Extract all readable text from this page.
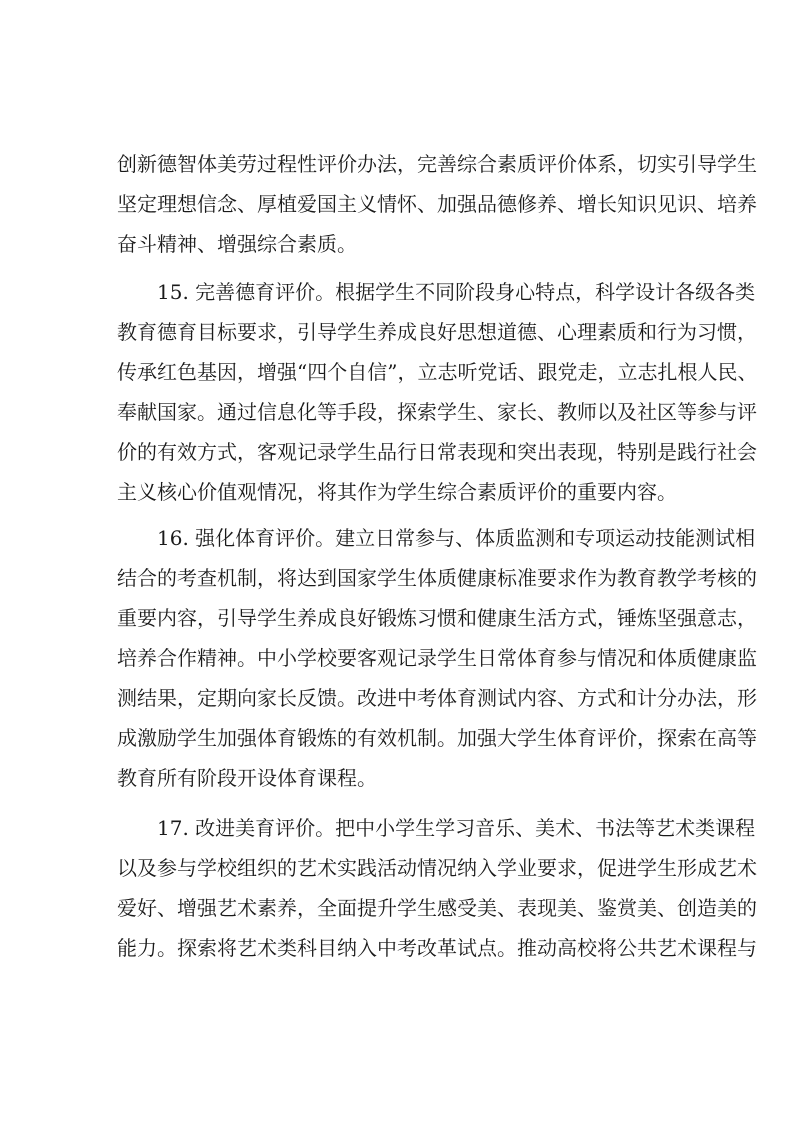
创新德智体美劳过程性评价办法，完善综合素质评价体系，切实引导学生
坚定理想信念、厚植爱国主义情怀、加强品德修养、增长知识见识、培养
奋斗精神、增强综合素质。
15. 完善德育评价。根据学生不同阶段身心特点，科学设计各级各类
教育德育目标要求，引导学生养成良好思想道德、心理素质和行为习惯，
传承红色基因，增强“四个自信”，立志听党话、跟党走，立志扎根人民、
奉献国家。通过信息化等手段，探索学生、家长、教师以及社区等参与评
价的有效方式，客观记录学生品行日常表现和突出表现，特别是践行社会
主义核心价值观情况，将其作为学生综合素质评价的重要内容。
16. 强化体育评价。建立日常参与、体质监测和专项运动技能测试相
结合的考查机制，将达到国家学生体质健康标准要求作为教育教学考核的
重要内容，引导学生养成良好锻炼习惯和健康生活方式，锤炼坚强意志，
培养合作精神。中小学校要客观记录学生日常体育参与情况和体质健康监
测结果，定期向家长反馈。改进中考体育测试内容、方式和计分办法，形
成激励学生加强体育锻炼的有效机制。加强大学生体育评价，探索在高等
教育所有阶段开设体育课程。
17. 改进美育评价。把中小学生学习音乐、美术、书法等艺术类课程
以及参与学校组织的艺术实践活动情况纳入学业要求，促进学生形成艺术
爱好、增强艺术素养，全面提升学生感受美、表现美、鉴赏美、创造美的
能力。探索将艺术类科目纳入中考改革试点。推动高校将公共艺术课程与
